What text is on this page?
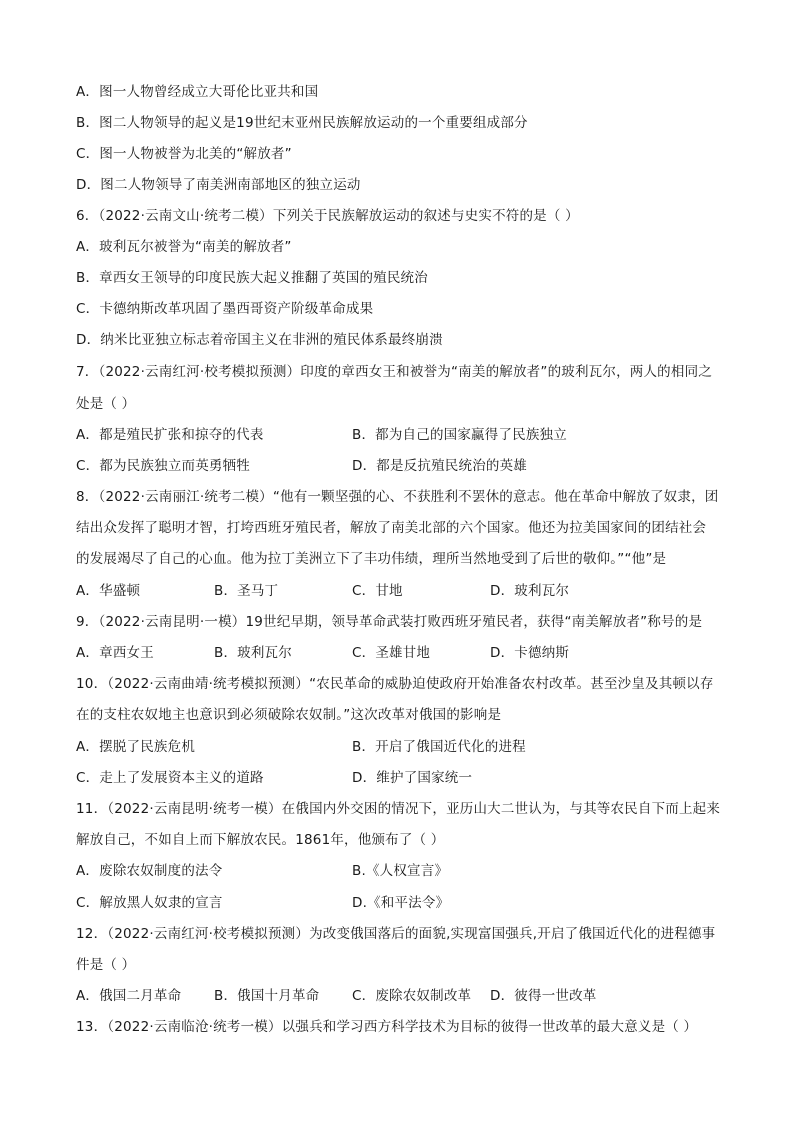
A．图一人物曾经成立大哥伦比亚共和国
B．图二人物领导的起义是19世纪末亚州民族解放运动的一个重要组成部分
C．图一人物被誉为北美的“解放者”
D．图二人物领导了南美洲南部地区的独立运动
6．（2022·云南文山·统考二模）下列关于民族解放运动的叙述与史实不符的是（ ）
A．玻利瓦尔被誉为“南美的解放者”
B．章西女王领导的印度民族大起义推翻了英国的殖民统治
C．卡德纳斯改革巩固了墨西哥资产阶级革命成果
D．纳米比亚独立标志着帝国主义在非洲的殖民体系最终崩溃
7．（2022·云南红河·校考模拟预测）印度的章西女王和被誉为“南美的解放者”的玻利瓦尔，两人的相同之
处是（ ）
A．都是殖民扩张和掠夺的代表	B．都为自己的国家赢得了民族独立
C．都为民族独立而英勇牺牲	D．都是反抗殖民统治的英雄
8．（2022·云南丽江·统考二模）“他有一颗坚强的心、不获胜利不罢休的意志。他在革命中解放了奴隶，团
结出众发挥了聪明才智，打垮西班牙殖民者，解放了南美北部的六个国家。他还为拉美国家间的团结社会
的发展竭尽了自己的心血。他为拉丁美洲立下了丰功伟绩，理所当然地受到了后世的敬仰。”“他”是
A．华盛顿	B．圣马丁	C．甘地	D．玻利瓦尔
9．（2022·云南昆明·一模）19世纪早期，领导革命武装打败西班牙殖民者，获得“南美解放者”称号的是
A．章西女王	B．玻利瓦尔	C．圣雄甘地	D．卡德纳斯
10．（2022·云南曲靖·统考模拟预测）“农民革命的威胁迫使政府开始准备农村改革。甚至沙皇及其顿以存
在的支柱农奴地主也意识到必须破除农奴制。”这次改革对俄国的影响是
A．摆脱了民族危机	B．开启了俄国近代化的进程
C．走上了发展资本主义的道路	D．维护了国家统一
11．（2022·云南昆明·统考一模）在俄国内外交困的情况下，亚历山大二世认为，与其等农民自下而上起来
解放自己，不如自上而下解放农民。1861年，他颁布了（ ）
A．废除农奴制度的法令	B.《人权宣言》
C．解放黑人奴隶的宣言	D.《和平法令》
12．（2022·云南红河·校考模拟预测）为改变俄国落后的面貌,实现富国强兵,开启了俄国近代化的进程德事
件是（ ）
A．俄国二月革命 B．俄国十月革命 C．废除农奴制改革 D．彼得一世改革
13．（2022·云南临沧·统考一模）以强兵和学习西方科学技术为目标的彼得一世改革的最大意义是（ ）
